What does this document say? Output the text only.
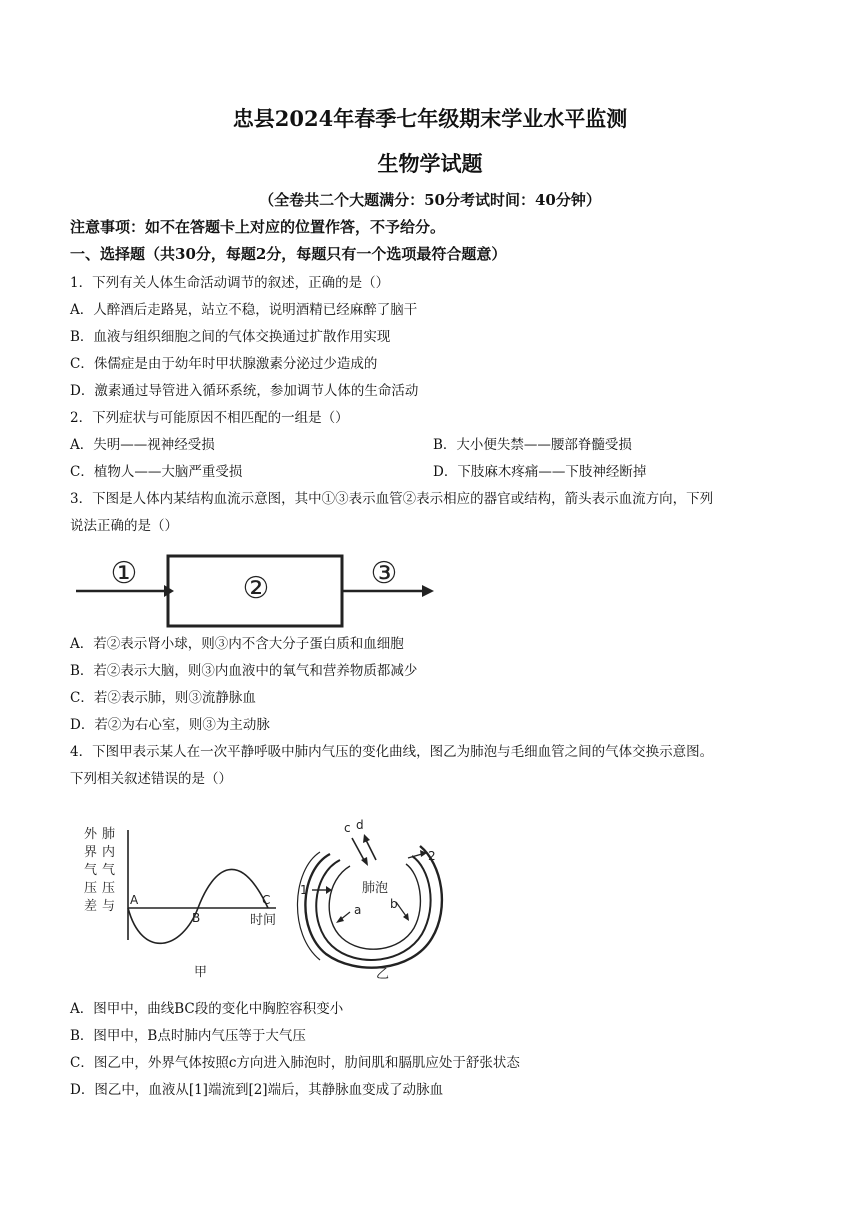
忠县2024年春季七年级期末学业水平监测
生物学试题
（全卷共二个大题满分：50分考试时间：40分钟）
注意事项：如不在答题卡上对应的位置作答，不予给分。
一、选择题（共30分，每题2分，每题只有一个选项最符合题意）
1．下列有关人体生命活动调节的叙述，正确的是（）
A．人醉酒后走路晃，站立不稳，说明酒精已经麻醉了脑干
B．血液与组织细胞之间的气体交换通过扩散作用实现
C．侏儒症是由于幼年时甲状腺激素分泌过少造成的
D．激素通过导管进入循环系统，参加调节人体的生命活动
2．下列症状与可能原因不相匹配的一组是（）
A．失明——视神经受损	B．大小便失禁——腰部脊髓受损
C．植物人——大脑严重受损	D．下肢麻木疼痛——下肢神经断掉
3．下图是人体内某结构血流示意图，其中①③表示血管②表示相应的器官或结构，箭头表示血流方向，下列
说法正确的是（）
①	②	③
A．若②表示肾小球，则③内不含大分子蛋白质和血细胞
B．若②表示大脑，则③内血液中的氧气和营养物质都减少
C．若②表示肺，则③流静脉血
D．若②为右心室，则③为主动脉
4．下图甲表示某人在一次平静呼吸中肺内气压的变化曲线，图乙为肺泡与毛细血管之间的气体交换示意图。
下列相关叙述错误的是（）
外
界
气
压
差
肺
内
气
压
与 A
B
C
时间
甲
c d
2
1	肺泡
a b
乙
A．图甲中，曲线BC段的变化中胸腔容积变小
B．图甲中，B点时肺内气压等于大气压
C．图乙中，外界气体按照c方向进入肺泡时，肋间肌和膈肌应处于舒张状态
D．图乙中，血液从[1]端流到[2]端后，其静脉血变成了动脉血
